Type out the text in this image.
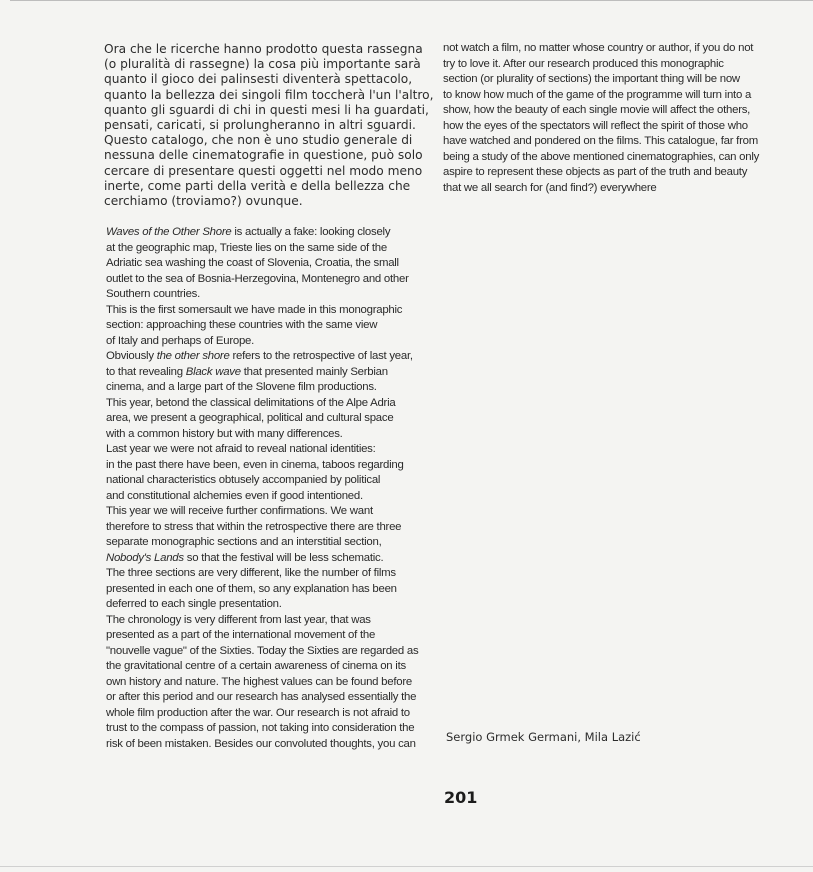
Ora che le ricerche hanno prodotto questa rassegna
(o pluralità di rassegne) la cosa più importante sarà
quanto il gioco dei palinsesti diventerà spettacolo,
quanto la bellezza dei singoli film toccherà l'un l'altro,
quanto gli sguardi di chi in questi mesi li ha guardati,
pensati, caricati, si prolungheranno in altri sguardi.
Questo catalogo, che non è uno studio generale di
nessuna delle cinematografie in questione, può solo
cercare di presentare questi oggetti nel modo meno
inerte, come parti della verità e della bellezza che
cerchiamo (troviamo?) ovunque.
Waves of the Other Shore is actually a fake: looking closely
at the geographic map, Trieste lies on the same side of the
Adriatic sea washing the coast of Slovenia, Croatia, the small
outlet to the sea of Bosnia-Herzegovina, Montenegro and other
Southern countries.
This is the first somersault we have made in this monographic
section: approaching these countries with the same view
of Italy and perhaps of Europe.
Obviously the other shore refers to the retrospective of last year,
to that revealing Black wave that presented mainly Serbian
cinema, and a large part of the Slovene film productions.
This year, betond the classical delimitations of the Alpe Adria
area, we present a geographical, political and cultural space
with a common history but with many differences.
Last year we were not afraid to reveal national identities:
in the past there have been, even in cinema, taboos regarding
national characteristics obtusely accompanied by political
and constitutional alchemies even if good intentioned.
This year we will receive further confirmations. We want
therefore to stress that within the retrospective there are three
separate monographic sections and an interstitial section,
Nobody's Lands so that the festival will be less schematic.
The three sections are very different, like the number of films
presented in each one of them, so any explanation has been
deferred to each single presentation.
The chronology is very different from last year, that was
presented as a part of the international movement of the
"nouvelle vague" of the Sixties. Today the Sixties are regarded as
the gravitational centre of a certain awareness of cinema on its
own history and nature. The highest values can be found before
or after this period and our research has analysed essentially the
whole film production after the war. Our research is not afraid to
trust to the compass of passion, not taking into consideration the
risk of been mistaken. Besides our convoluted thoughts, you can
not watch a film, no matter whose country or author, if you do not
try to love it. After our research produced this monographic
section (or plurality of sections) the important thing will be now
to know how much of the game of the programme will turn into a
show, how the beauty of each single movie will affect the others,
how the eyes of the spectators will reflect the spirit of those who
have watched and pondered on the films. This catalogue, far from
being a study of the above mentioned cinematographies, can only
aspire to represent these objects as part of the truth and beauty
that we all search for (and find?) everywhere
Sergio Grmek Germani, Mila Lazić
201
